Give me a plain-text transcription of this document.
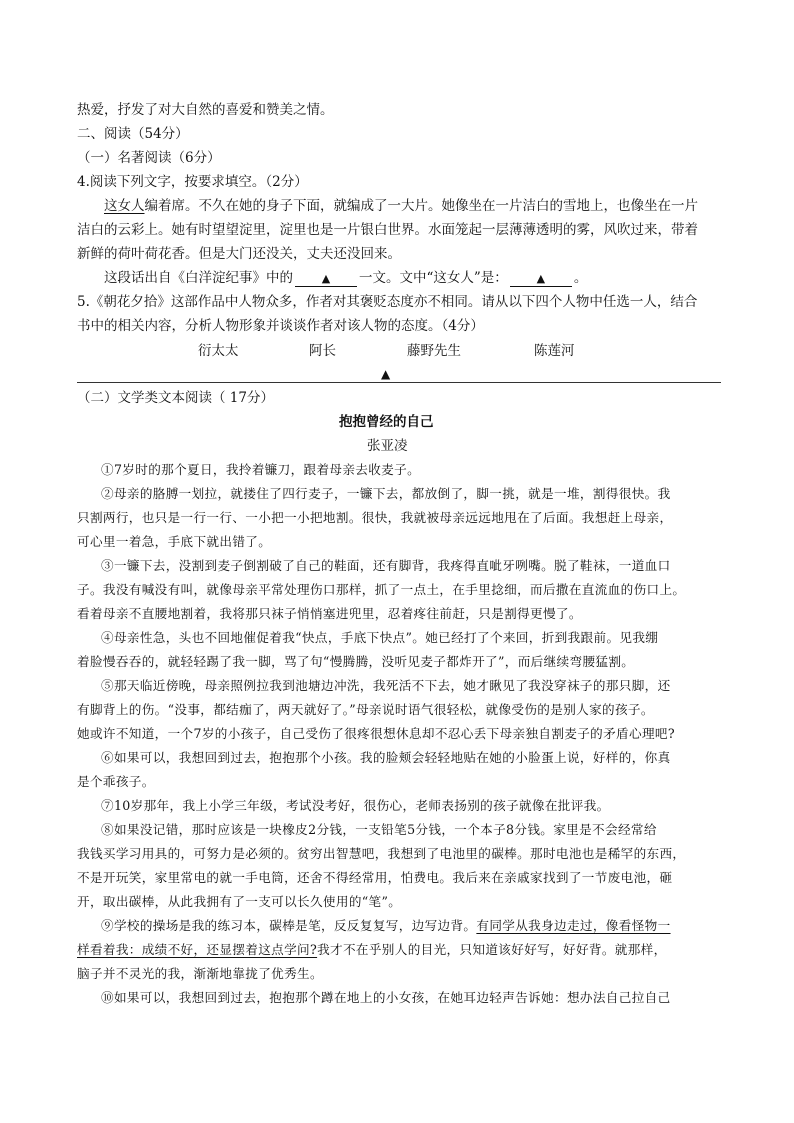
热爱，抒发了对大自然的喜爱和赞美之情。
二、阅读（54分）
（一）名著阅读（6分）
4.阅读下列文字，按要求填空。（2分）
这女人编着席。不久在她的身子下面，就编成了一大片。她像坐在一片洁白的雪地上，也像坐在一片
洁白的云彩上。她有时望望淀里，淀里也是一片银白世界。水面笼起一层薄薄透明的雾，风吹过来，带着
新鲜的荷叶荷花香。但是大门还没关，丈夫还没回来。
这段话出自《白洋淀纪事》中的	▲ 一文。文中“这女人”是：	▲ 。
5.《朝花夕拾》这部作品中人物众多，作者对其褒贬态度亦不相同。请从以下四个人物中任选一人，结合
书中的相关内容，分析人物形象并谈谈作者对该人物的态度。（4分）
衍太太	阿长	藤野先生	陈莲河
▲
（二）文学类文本阅读（ 17分）
抱抱曾经的自己
张亚凌
①7岁时的那个夏日，我拎着镰刀，跟着母亲去收麦子。
②母亲的胳膊一划拉，就搂住了四行麦子，一镰下去，都放倒了，脚一挑，就是一堆，割得很快。我
只割两行，也只是一行一行、一小把一小把地割。很快，我就被母亲远远地甩在了后面。我想赶上母亲，
可心里一着急，手底下就出错了。
③一镰下去，没割到麦子倒割破了自己的鞋面，还有脚背，我疼得直呲牙咧嘴。脱了鞋袜，一道血口
子。我没有喊没有叫，就像母亲平常处理伤口那样，抓了一点土，在手里捻细，而后撒在直流血的伤口上。
看着母亲不直腰地割着，我将那只袜子悄悄塞进兜里，忍着疼往前赶，只是割得更慢了。
④母亲性急，头也不回地催促着我“快点，手底下快点”。她已经打了个来回，折到我跟前。见我绷
着脸慢吞吞的，就轻轻踢了我一脚，骂了句“慢腾腾，没听见麦子都炸开了”，而后继续弯腰猛割。
⑤那天临近傍晚，母亲照例拉我到池塘边冲洗，我死活不下去，她才瞅见了我没穿袜子的那只脚，还
有脚背上的伤。“没事，都结痂了，两天就好了。”母亲说时语气很轻松，就像受伤的是别人家的孩子。
她或许不知道，一个7岁的小孩子，自己受伤了很疼很想休息却不忍心丢下母亲独自割麦子的矛盾心理吧?
⑥如果可以，我想回到过去，抱抱那个小孩。我的脸颊会轻轻地贴在她的小脸蛋上说，好样的，你真
是个乖孩子。
⑦10岁那年，我上小学三年级，考试没考好，很伤心，老师表扬别的孩子就像在批评我。
⑧如果没记错，那时应该是一块橡皮2分钱，一支铅笔5分钱，一个本子8分钱。家里是不会经常给
我钱买学习用具的，可努力是必须的。贫穷出智慧吧，我想到了电池里的碳棒。那时电池也是稀罕的东西，
不是开玩笑，家里常电的就一手电筒，还舍不得经常用，怕费电。我后来在亲戚家找到了一节废电池，砸
开，取出碳棒，从此我拥有了一支可以长久使用的“笔”。
⑨学校的操场是我的练习本，碳棒是笔，反反复复写，边写边背。有同学从我身边走过，像看怪物一
样看着我：成绩不好，还显摆着这点学问?我才不在乎别人的目光，只知道该好好写，好好背。就那样，
脑子并不灵光的我，渐渐地靠拢了优秀生。
⑩如果可以，我想回到过去，抱抱那个蹲在地上的小女孩，在她耳边轻声告诉她：想办法自己拉自己
